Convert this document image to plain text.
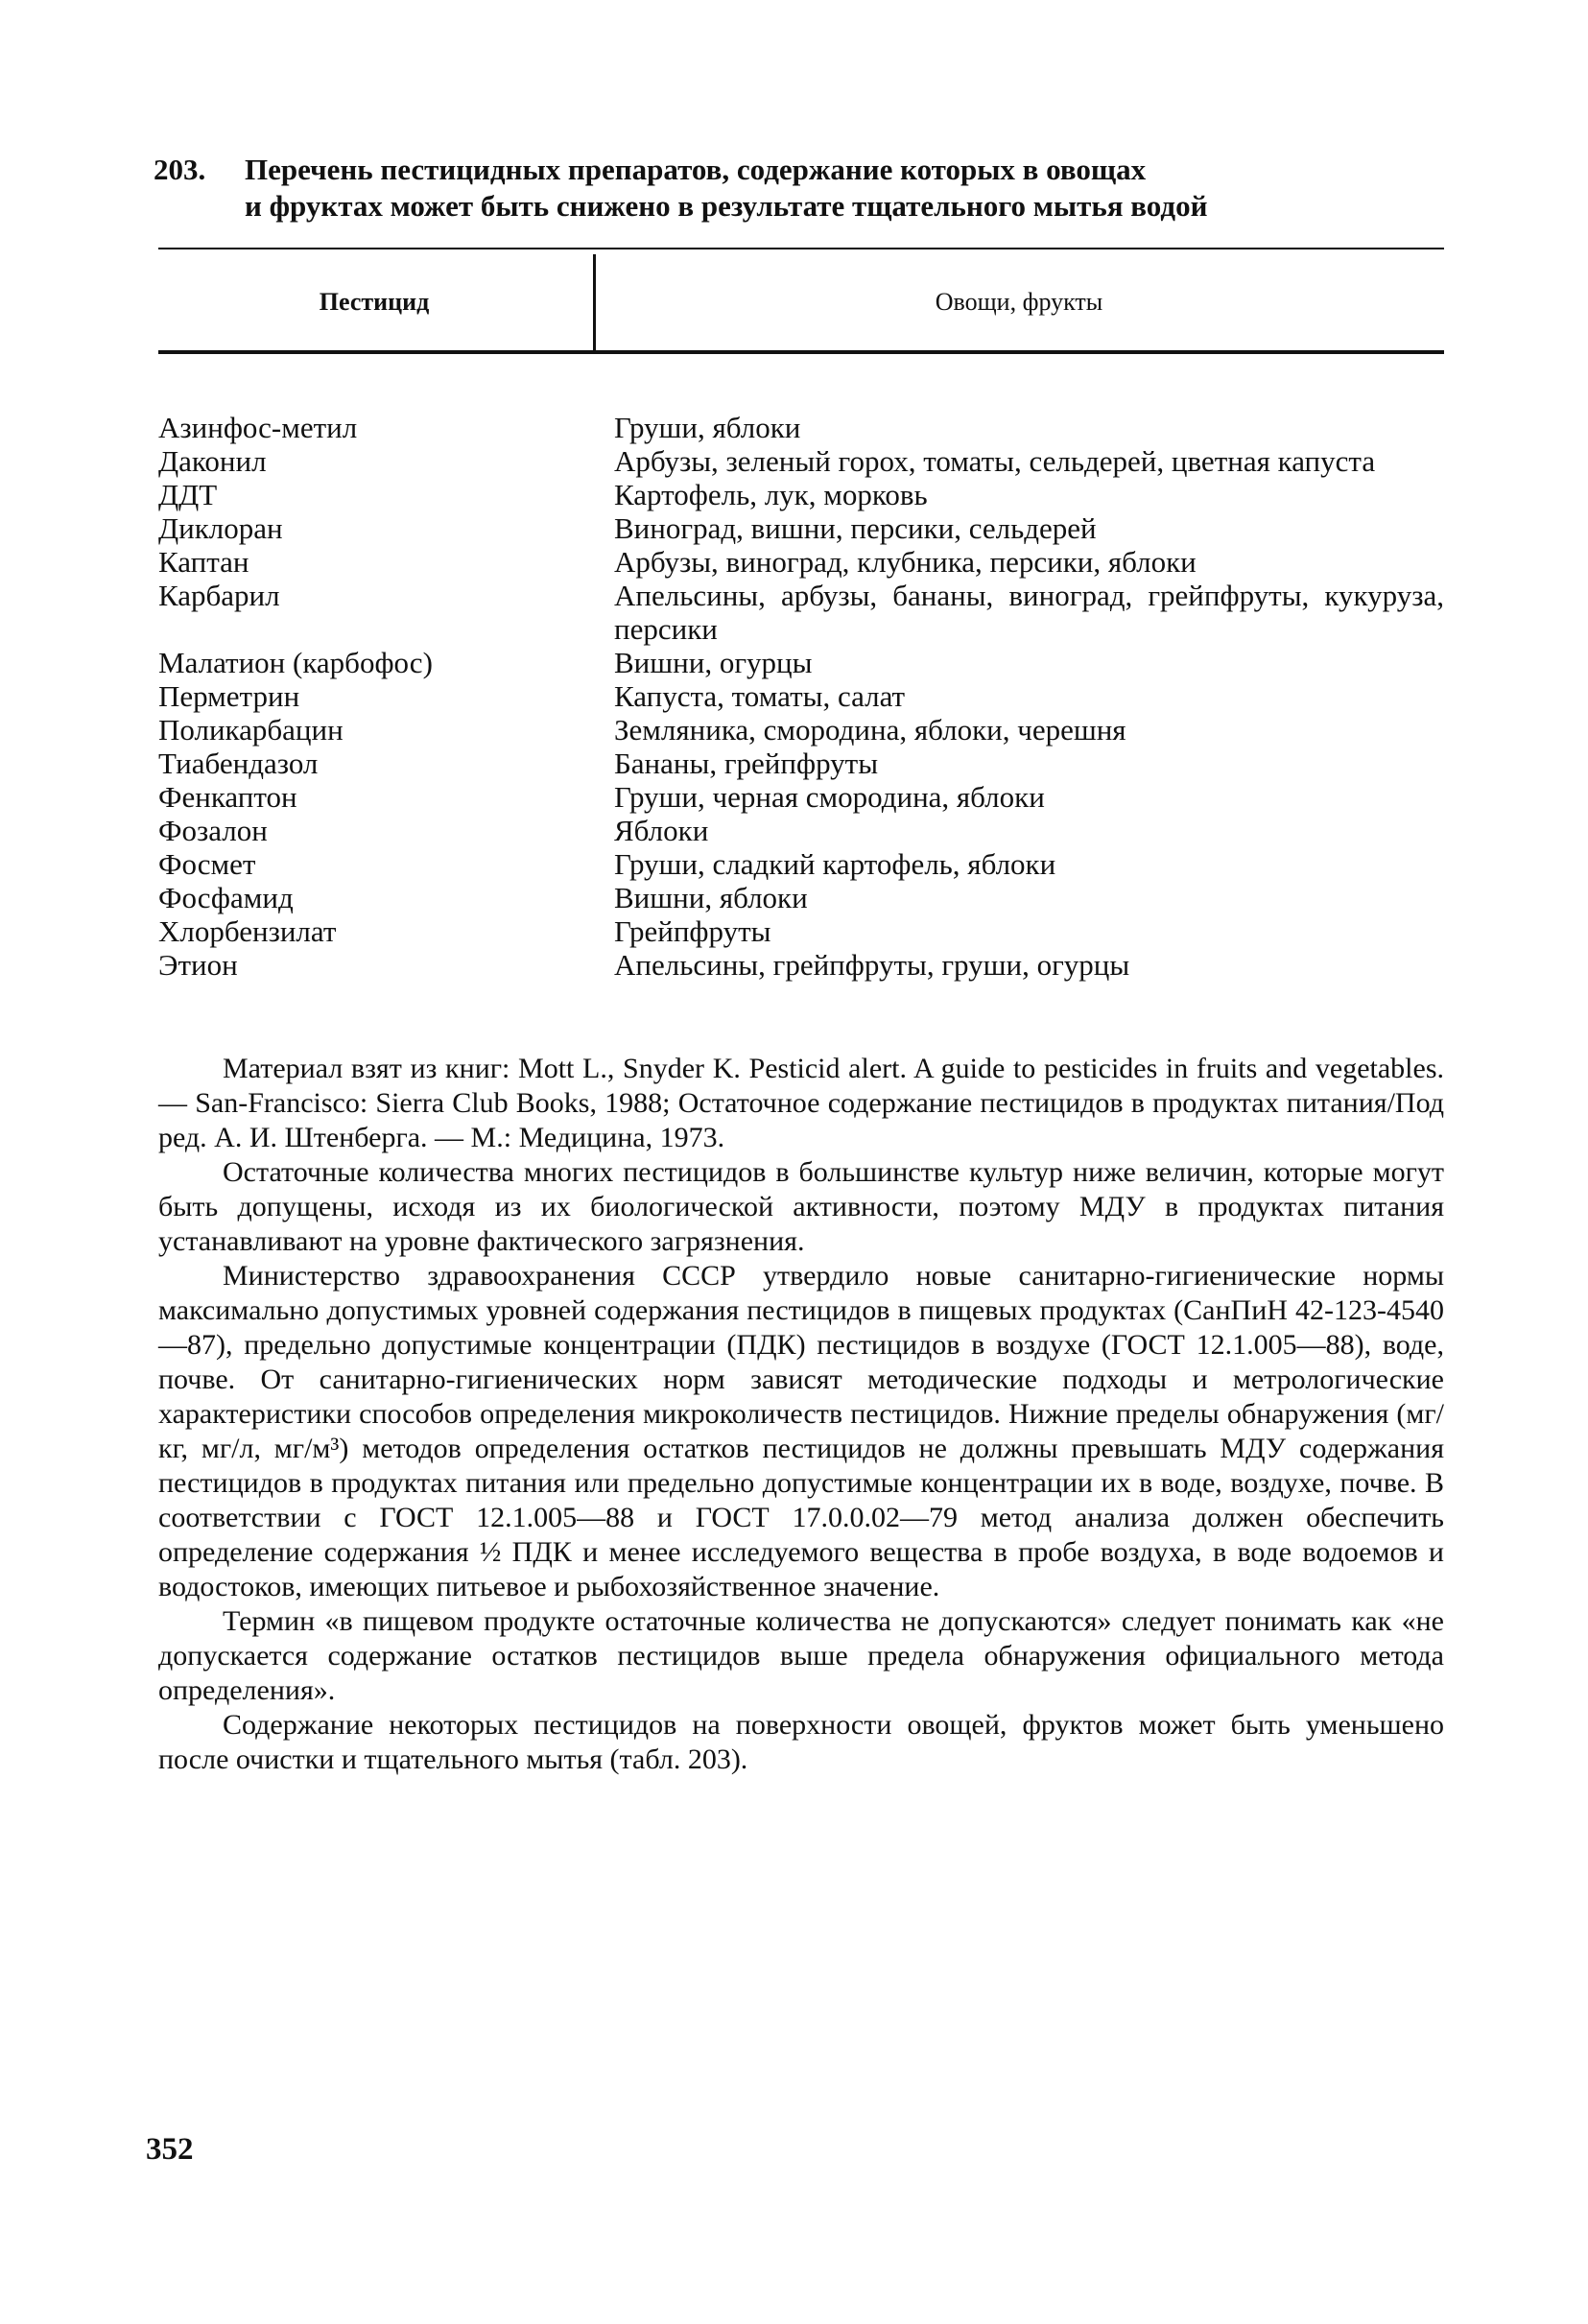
203. Перечень пестицидных препаратов, содержание которых в овощах
и фруктах может быть снижено в результате тщательного мытья водой
Пестицид	Овощи, фрукты
Азинфос-метил	Груши, яблоки
Даконил	Арбузы, зеленый горох, томаты, сельдерей, цветная капуста
ДДТ	Картофель, лук, морковь
Диклоран	Виноград, вишни, персики, сельдерей
Каптан	Арбузы, виноград, клубника, персики, яблоки
Карбарил	Апельсины, арбузы, бананы, виноград, грейпфруты, кукуруза, персики
Малатион (карбофос)	Вишни, огурцы
Перметрин	Капуста, томаты, салат
Поликарбацин	Земляника, смородина, яблоки, черешня
Тиабендазол	Бананы, грейпфруты
Фенкаптон	Груши, черная смородина, яблоки
Фозалон	Яблоки
Фосмет	Груши, сладкий картофель, яблоки
Фосфамид	Вишни, яблоки
Хлорбензилат	Грейпфруты
Этион	Апельсины, грейпфруты, груши, огурцы

Материал взят из книг: Mott L., Snyder K. Pesticid alert. A guide to pesticides in fruits and vegetables. — San-Francisco: Sierra Club Books, 1988; Остаточное содержание пестицидов в продуктах питания/Под ред. А. И. Штенберга. — М.: Медицина, 1973.

Остаточные количества многих пестицидов в большинстве культур ниже величин, которые могут быть допущены, исходя из их биологической активности, поэтому МДУ в продуктах питания устанавливают на уровне фактического загрязнения.

Министерство здравоохранения СССР утвердило новые санитарно-гигиенические нормы максимально допустимых уровней содержания пестицидов в пищевых продуктах (СанПиН 42-123-4540—87), предельно допустимые концентрации (ПДК) пестицидов в воздухе (ГОСТ 12.1.005—88), воде, почве. От санитарно-гигиенических норм зависят методические подходы и метрологические характеристики способов определения микроколичеств пестицидов. Нижние пределы обнаружения (мг/кг, мг/л, мг/м³) методов определения остатков пестицидов не должны превышать МДУ содержания пестицидов в продуктах питания или предельно допустимые концентрации их в воде, воздухе, почве. В соответствии с ГОСТ 12.1.005—88 и ГОСТ 17.0.0.02—79 метод анализа должен обеспечить определение содержания ½ ПДК и менее исследуемого вещества в пробе воздуха, в воде водоемов и водостоков, имеющих питьевое и рыбохозяйственное значение.

Термин «в пищевом продукте остаточные количества не допускаются» следует понимать как «не допускается содержание остатков пестицидов выше предела обнаружения официального метода определения».

Содержание некоторых пестицидов на поверхности овощей, фруктов может быть уменьшено после очистки и тщательного мытья (табл. 203).

352
